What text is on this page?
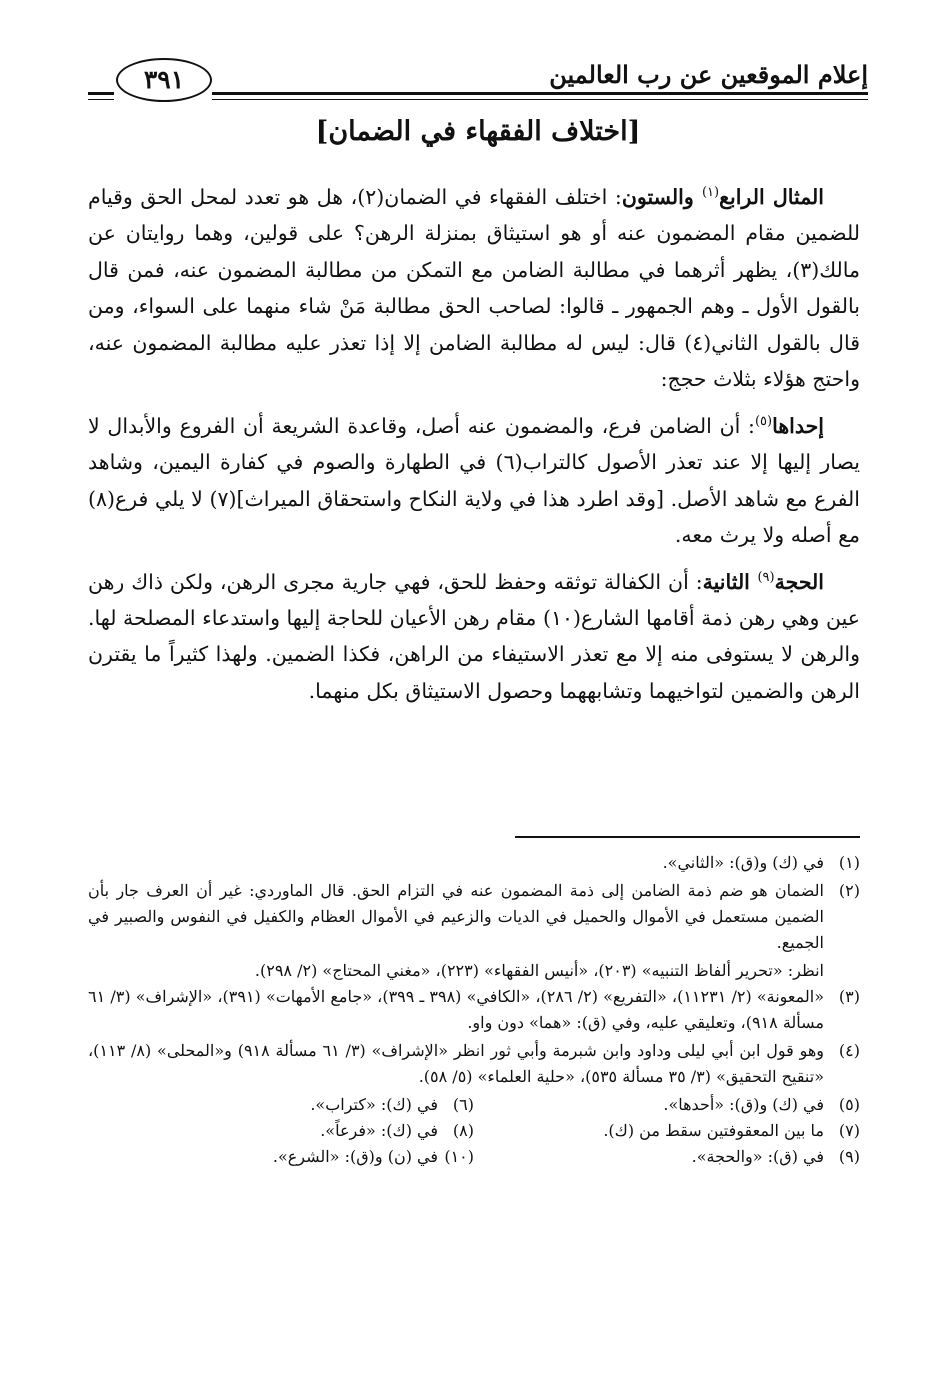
٣٩١	إعلام الموقعين عن رب العالمين
[اختلاف الفقهاء في الضمان]

المثال الرابع$^{(١)}$ والستون: اختلف الفقهاء في الضمان(٢)، هل هو تعدد لمحل الحق وقيام للضمين مقام المضمون عنه أو هو استيثاق بمنزلة الرهن؟ على قولين، وهما روايتان عن مالك(٣)، يظهر أثرهما في مطالبة الضامن مع التمكن من مطالبة المضمون عنه، فمن قال بالقول الأول ـ وهم الجمهور ـ قالوا: لصاحب الحق مطالبة مَنْ شاء منهما على السواء، ومن قال بالقول الثاني(٤) قال: ليس له مطالبة الضامن إلا إذا تعذر عليه مطالبة المضمون عنه، واحتج هؤلاء بثلاث حجج:

إحداها$^{(٥)}$: أن الضامن فرع، والمضمون عنه أصل، وقاعدة الشريعة أن الفروع والأبدال لا يصار إليها إلا عند تعذر الأصول كالتراب(٦) في الطهارة والصوم في كفارة اليمين، وشاهد الفرع مع شاهد الأصل. [وقد اطرد هذا في ولاية النكاح واستحقاق الميراث](٧) لا يلي فرع(٨) مع أصله ولا يرث معه.

الحجة$^{(٩)}$ الثانية: أن الكفالة توثقه وحفظ للحق، فهي جارية مجرى الرهن، ولكن ذاك رهن عين وهي رهن ذمة أقامها الشارع(١٠) مقام رهن الأعيان للحاجة إليها واستدعاء المصلحة لها. والرهن لا يستوفى منه إلا مع تعذر الاستيفاء من الراهن، فكذا الضمين. ولهذا كثيراً ما يقترن الرهن والضمين لتواخيهما وتشابههما وحصول الاستيثاق بكل منهما.

(١)
في (ك) و(ق): «الثاني».
(٢)
الضمان هو ضم ذمة الضامن إلى ذمة المضمون عنه في التزام الحق. قال الماوردي: غير أن العرف جار بأن الضمين مستعمل في الأموال والحميل في الديات والزعيم في الأموال العظام والكفيل في النفوس والصبير في الجميع.
انظر: «تحرير ألفاظ التنبيه» (٢٠٣)، «أنيس الفقهاء» (٢٢٣)، «مغني المحتاج» (٢/ ٢٩٨).
(٣)
«المعونة» (٢/ ١١٢٣١)، «التفريع» (٢/ ٢٨٦)، «الكافي» (٣٩٨ ـ ٣٩٩)، «جامع الأمهات» (٣٩١)، «الإشراف» (٣/ ٦١ مسألة ٩١٨)، وتعليقي عليه، وفي (ق): «هما» دون واو.
(٤)
وهو قول ابن أبي ليلى وداود وابن شبرمة وأبي ثور انظر «الإشراف» (٣/ ٦١ مسألة ٩١٨) و«المحلى» (٨/ ١١٣)، «تنقيح التحقيق» (٣/ ٣٥ مسألة ٥٣٥)، «حلية العلماء» (٥/ ٥٨).
(٥)
في (ك) و(ق): «أحدها».
(٦)
في (ك): «كتراب».
(٧)
ما بين المعقوفتين سقط من (ك).
(٨)
في (ك): «فرعاً».
(٩)
في (ق): «والحجة».
(١٠)
في (ن) و(ق): «الشرع».
